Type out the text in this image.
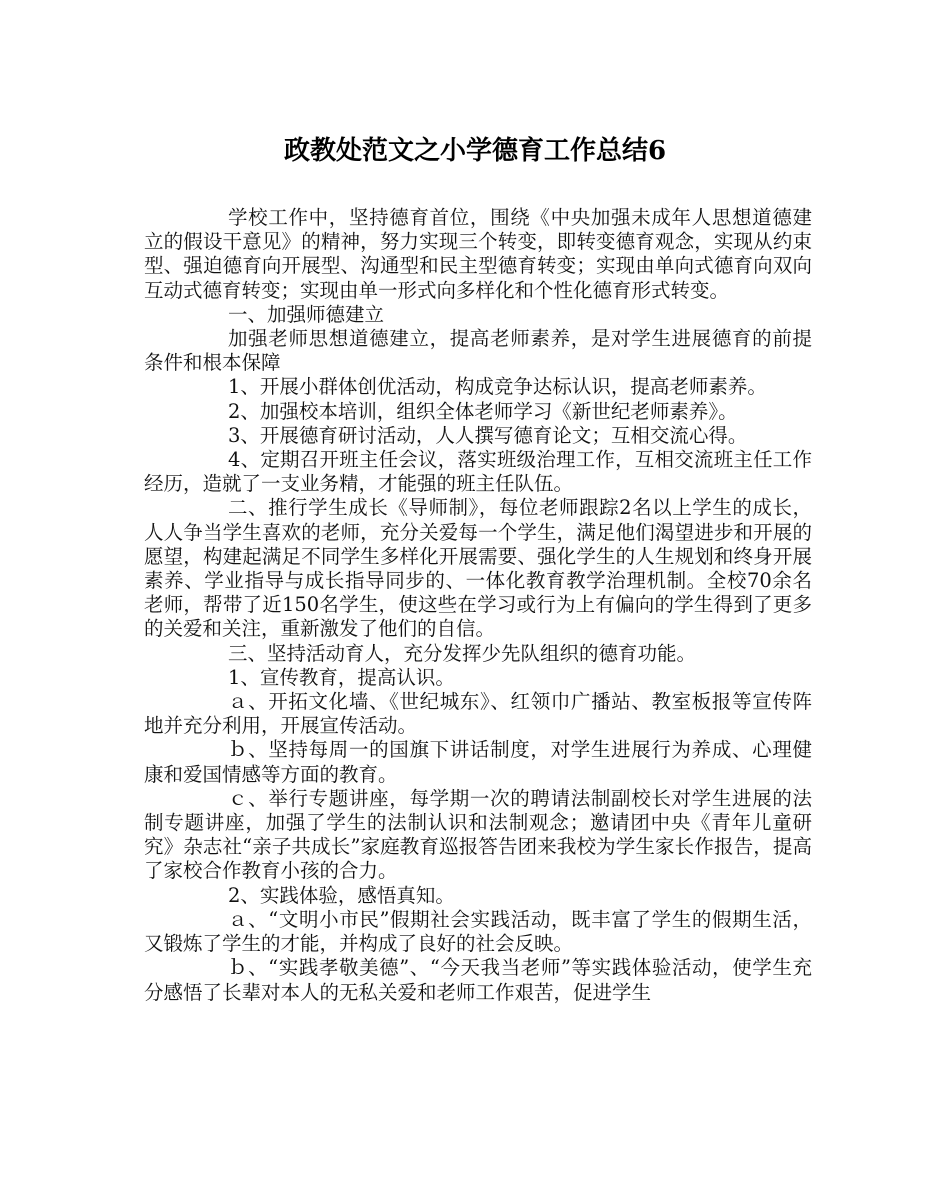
政教处范文之小学德育工作总结6

学校工作中，坚持德育首位，围绕《中央加强未成年人思想道德建立的假设干意见》的精神，努力实现三个转变，即转变德育观念，实现从约束型、强迫德育向开展型、沟通型和民主型德育转变；实现由单向式德育向双向互动式德育转变；实现由单一形式向多样化和个性化德育形式转变。

一、加强师德建立

加强老师思想道德建立，提高老师素养，是对学生进展德育的前提条件和根本保障

1、开展小群体创优活动，构成竞争达标认识，提高老师素养。

2、加强校本培训，组织全体老师学习《新世纪老师素养》。

3、开展德育研讨活动，人人撰写德育论文；互相交流心得。

4、定期召开班主任会议，落实班级治理工作，互相交流班主任工作经历，造就了一支业务精，才能强的班主任队伍。

二、推行学生成长《导师制》，每位老师跟踪2名以上学生的成长，人人争当学生喜欢的老师，充分关爱每一个学生，满足他们渴望进步和开展的愿望，构建起满足不同学生多样化开展需要、强化学生的人生规划和终身开展素养、学业指导与成长指导同步的、一体化教育教学治理机制。全校70余名老师，帮带了近150名学生，使这些在学习或行为上有偏向的学生得到了更多的关爱和关注，重新激发了他们的自信。

三、坚持活动育人，充分发挥少先队组织的德育功能。

1、宣传教育，提高认识。

ａ、开拓文化墙、《世纪城东》、红领巾广播站、教室板报等宣传阵地并充分利用，开展宣传活动。

ｂ、坚持每周一的国旗下讲话制度，对学生进展行为养成、心理健康和爱国情感等方面的教育。

ｃ、举行专题讲座，每学期一次的聘请法制副校长对学生进展的法制专题讲座，加强了学生的法制认识和法制观念；邀请团中央《青年儿童研究》杂志社“亲子共成长”家庭教育巡报答告团来我校为学生家长作报告，提高了家校合作教育小孩的合力。

2、实践体验，感悟真知。

ａ、“文明小市民”假期社会实践活动，既丰富了学生的假期生活，又锻炼了学生的才能，并构成了良好的社会反映。

ｂ、“实践孝敬美德”、“今天我当老师”等实践体验活动，使学生充分感悟了长辈对本人的无私关爱和老师工作艰苦，促进学生
